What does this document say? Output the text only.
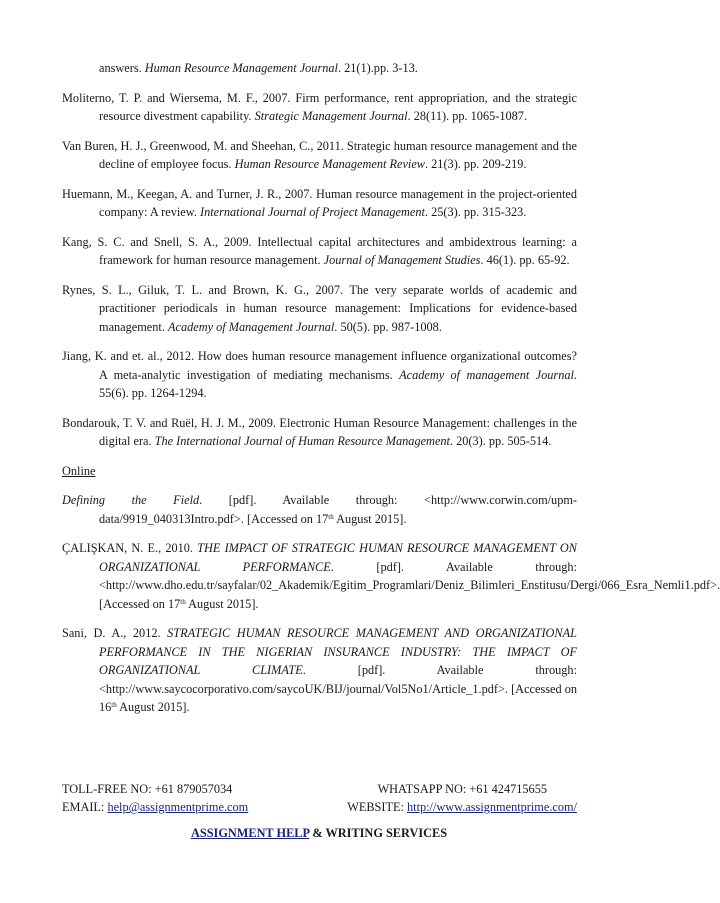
answers. Human Resource Management Journal. 21(1).pp. 3-13.

Moliterno, T. P. and Wiersema, M. F., 2007. Firm performance, rent appropriation, and the strategic resource divestment capability. Strategic Management Journal. 28(11). pp. 1065-1087.

Van Buren, H. J., Greenwood, M. and Sheehan, C., 2011. Strategic human resource management and the decline of employee focus. Human Resource Management Review. 21(3). pp. 209-219.

Huemann, M., Keegan, A. and Turner, J. R., 2007. Human resource management in the project-oriented company: A review. International Journal of Project Management. 25(3). pp. 315-323.

Kang, S. C. and Snell, S. A., 2009. Intellectual capital architectures and ambidextrous learning: a framework for human resource management. Journal of Management Studies. 46(1). pp. 65-92.

Rynes, S. L., Giluk, T. L. and Brown, K. G., 2007. The very separate worlds of academic and practitioner periodicals in human resource management: Implications for evidence-based management. Academy of Management Journal. 50(5). pp. 987-1008.

Jiang, K. and et. al., 2012. How does human resource management influence organizational outcomes? A meta-analytic investigation of mediating mechanisms. Academy of management Journal. 55(6). pp. 1264-1294.

Bondarouk, T. V. and Ruël, H. J. M., 2009. Electronic Human Resource Management: challenges in the digital era. The International Journal of Human Resource Management. 20(3). pp. 505-514.

Online

Defining the Field. [pdf]. Available through: <http://www.corwin.com/upm-data/9919_040313Intro.pdf>. [Accessed on 17th August 2015].

ÇALIŞKAN, N. E., 2010. THE IMPACT OF STRATEGIC HUMAN RESOURCE MANAGEMENT ON ORGANIZATIONAL PERFORMANCE. [pdf]. Available through: <http://www.dho.edu.tr/sayfalar/02_Akademik/Egitim_Programlari/Deniz_Bilimleri_Enstitusu/Dergi/066_Esra_Nemli1.pdf>. [Accessed on 17th August 2015].

Sani, D. A., 2012. STRATEGIC HUMAN RESOURCE MANAGEMENT AND ORGANIZATIONAL PERFORMANCE IN THE NIGERIAN INSURANCE INDUSTRY: THE IMPACT OF ORGANIZATIONAL CLIMATE. [pdf]. Available through: <http://www.saycocorporativo.com/saycoUK/BIJ/journal/Vol5No1/Article_1.pdf>. [Accessed on 16th August 2015].

TOLL-FREE NO: +61 879057034	WHATSAPP NO: +61 424715655
EMAIL: help@assignmentprime.com	WEBSITE: http://www.assignmentprime.com/
ASSIGNMENT HELP & WRITING SERVICES
